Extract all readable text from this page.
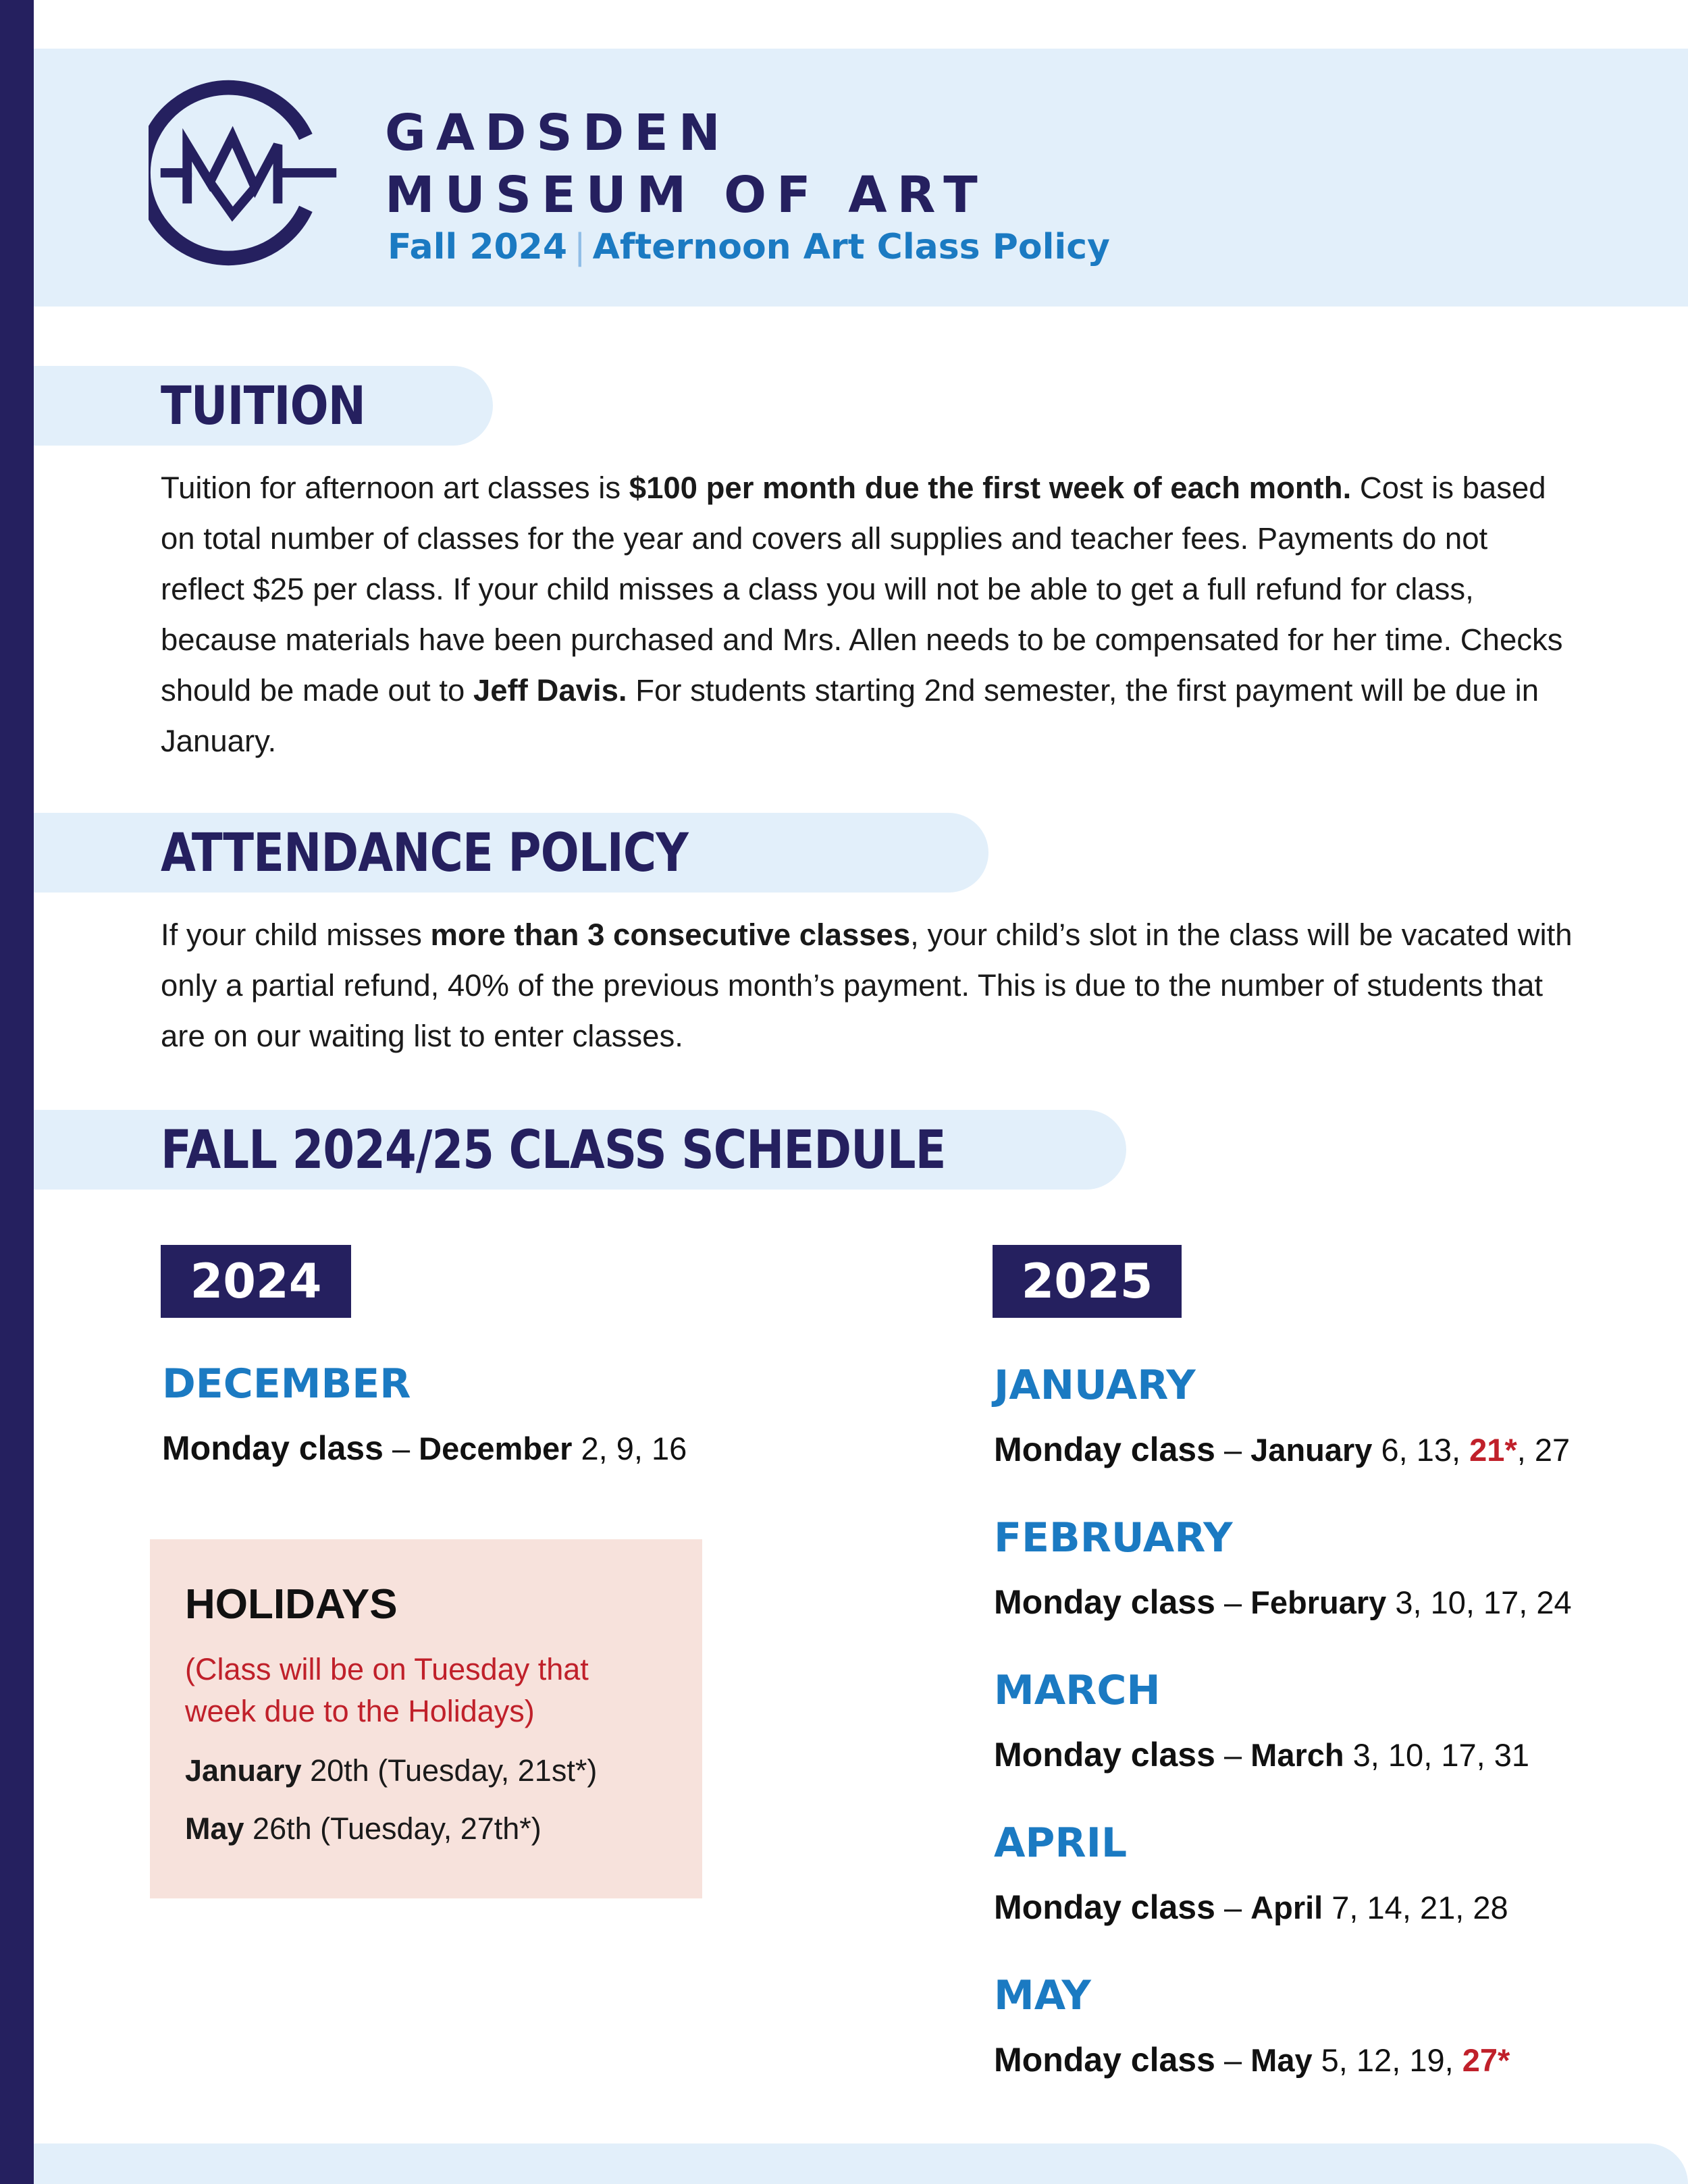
GADSDEN
MUSEUM OF ART
Fall 2024 | Afternoon Art Class Policy
TUITION

Tuition for afternoon art classes is $100 per month due the first week of each month. Cost is based on total number of classes for the year and covers all supplies and teacher fees. Payments do not reflect $25 per class. If your child misses a class you will not be able to get a full refund for class, because materials have been purchased and Mrs. Allen needs to be compensated for her time. Checks should be made out to Jeff Davis. For students starting 2nd semester, the first payment will be due in January.

ATTENDANCE POLICY

If your child misses more than 3 consecutive classes, your child’s slot in the class will be vacated with only a partial refund, 40% of the previous month’s payment. This is due to the number of students that are on our waiting list to enter classes.

FALL 2024/25 CLASS SCHEDULE
2024
DECEMBER
Monday class – December 2, 9, 16
HOLIDAYS
(Class will be on Tuesday that week due to the Holidays)
January 20th (Tuesday, 21st*)
May 26th (Tuesday, 27th*)
2025
JANUARY
Monday class – January 6, 13, 21*, 27
FEBRUARY
Monday class – February 3, 10, 17, 24
MARCH
Monday class – March 3, 10, 17, 31
APRIL
Monday class – April 7, 14, 21, 28
MAY
Monday class – May 5, 12, 19, 27*
